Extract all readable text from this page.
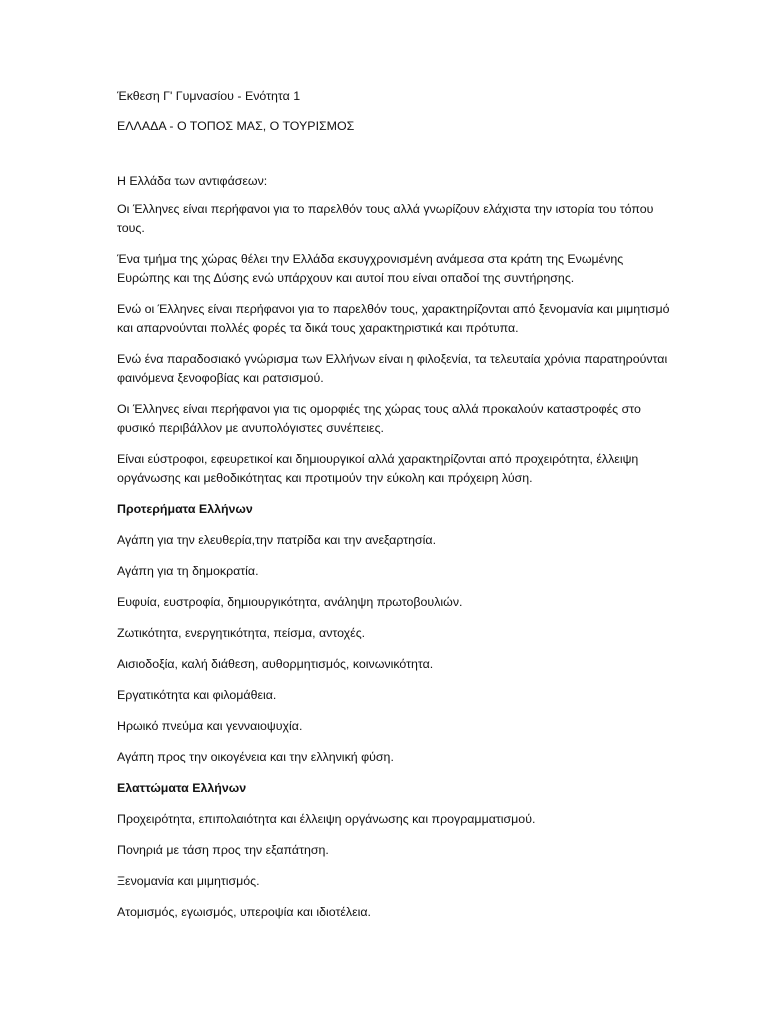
Έκθεση Γ' Γυμνασίου - Ενότητα 1

ΕΛΛΑΔΑ - Ο ΤΟΠΟΣ ΜΑΣ, Ο ΤΟΥΡΙΣΜΟΣ

Η Ελλάδα των αντιφάσεων:

Οι Έλληνες είναι περήφανοι για το παρελθόν τους αλλά γνωρίζουν ελάχιστα την ιστορία του τόπου τους.

Ένα τμήμα της χώρας θέλει την Ελλάδα εκσυγχρονισμένη ανάμεσα στα κράτη της Ενωμένης Ευρώπης και της Δύσης ενώ υπάρχουν και αυτοί που είναι οπαδοί της συντήρησης.

Ενώ οι Έλληνες είναι περήφανοι για το παρελθόν τους, χαρακτηρίζονται από ξενομανία και μιμητισμό και απαρνούνται πολλές φορές τα δικά τους χαρακτηριστικά και πρότυπα.

Ενώ ένα παραδοσιακό γνώρισμα των Ελλήνων είναι η φιλοξενία, τα τελευταία χρόνια παρατηρούνται φαινόμενα ξενοφοβίας και ρατσισμού.

Οι Έλληνες είναι περήφανοι για τις ομορφιές της χώρας τους αλλά προκαλούν καταστροφές στο φυσικό περιβάλλον με ανυπολόγιστες συνέπειες.

Είναι εύστροφοι, εφευρετικοί και δημιουργικοί αλλά χαρακτηρίζονται από προχειρότητα, έλλειψη οργάνωσης και μεθοδικότητας και προτιμούν την εύκολη και πρόχειρη λύση.

Προτερήματα Ελλήνων

Αγάπη για την ελευθερία,την πατρίδα και την ανεξαρτησία.

Αγάπη για τη δημοκρατία.

Ευφυία, ευστροφία, δημιουργικότητα, ανάληψη πρωτοβουλιών.

Ζωτικότητα, ενεργητικότητα, πείσμα, αντοχές.

Αισιοδοξία, καλή διάθεση, αυθορμητισμός, κοινωνικότητα.

Εργατικότητα και φιλομάθεια.

Ηρωικό πνεύμα και γενναιοψυχία.

Αγάπη προς την οικογένεια και την ελληνική φύση.

Ελαττώματα Ελλήνων

Προχειρότητα, επιπολαιότητα και έλλειψη οργάνωσης και προγραμματισμού.

Πονηριά με τάση προς την εξαπάτηση.

Ξενομανία και μιμητισμός.

Ατομισμός, εγωισμός, υπεροψία και ιδιοτέλεια.
